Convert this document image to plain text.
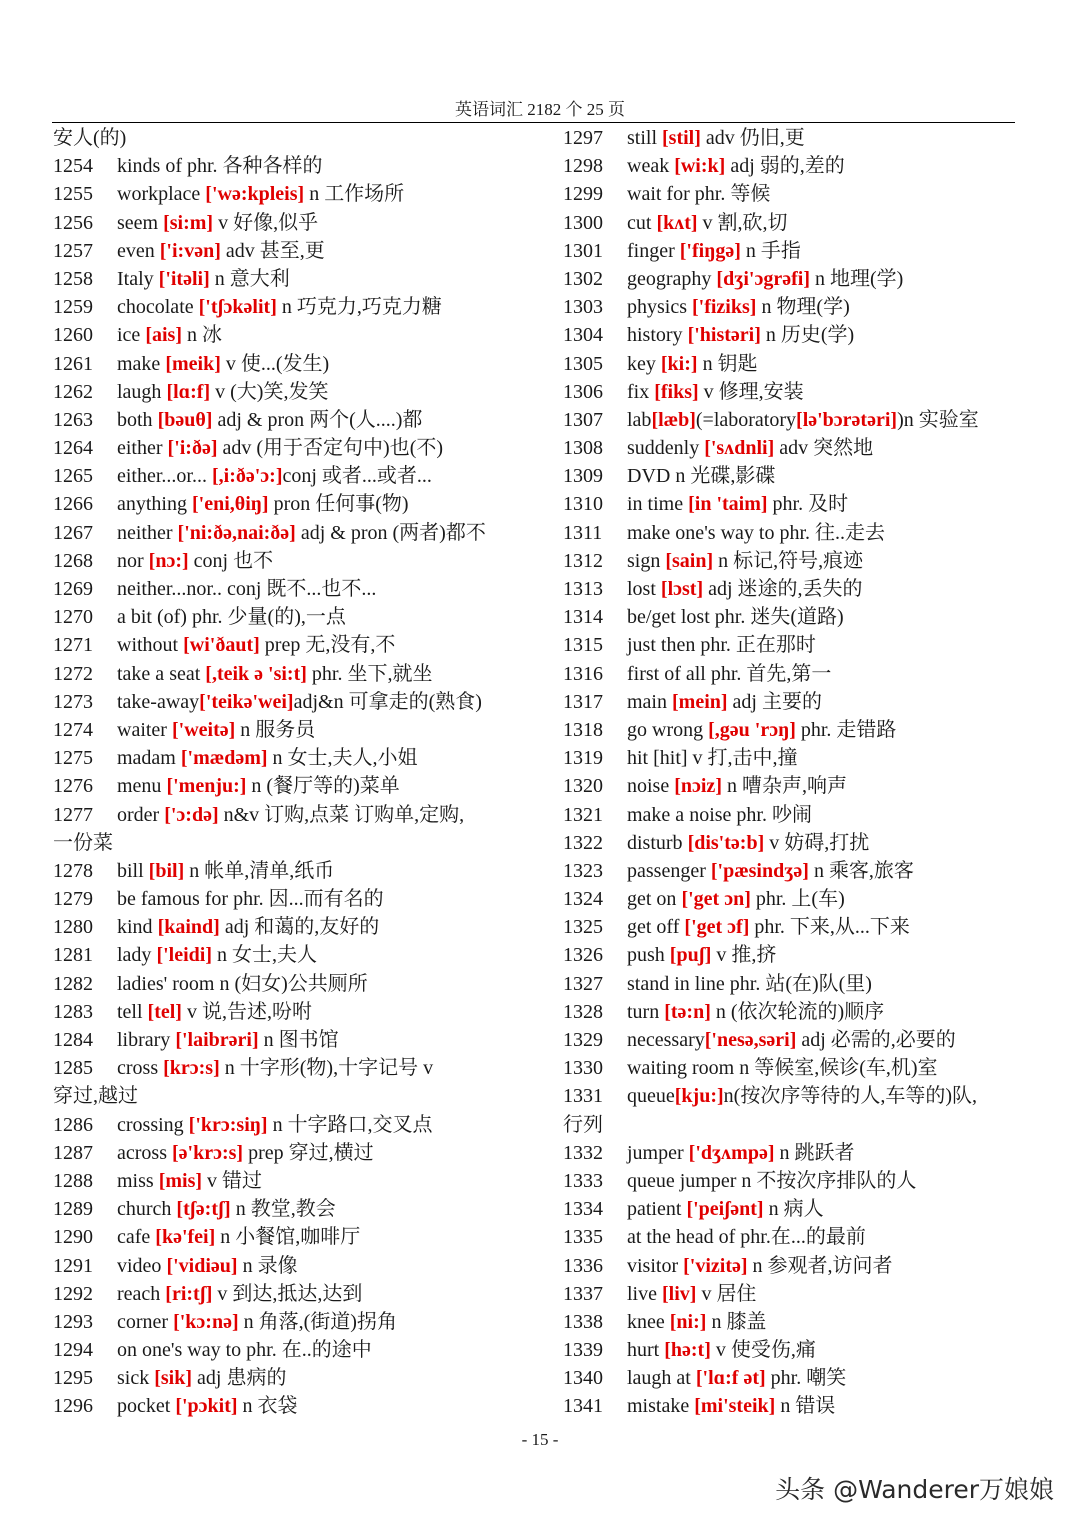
英语词汇 2182 个 25 页
安人(的)
1254 kinds of phr. 各种各样的
1255 workplace ['wə:kpleis] n 工作场所
1256 seem [si:m] v 好像,似乎
1257 even ['i:vən] adv 甚至,更
1258 Italy ['itəli] n 意大利
1259 chocolate ['tʃɔkəlit] n 巧克力,巧克力糖
1260 ice [ais] n 冰
1261 make [meik] v 使...(发生)
1262 laugh [lɑ:f] v (大)笑,发笑
1263 both [bəuθ] adj & pron 两个(人....)都
1264 either ['i:ðə] adv (用于否定句中)也(不)
1265 either...or... [,i:ðə'ɔ:]conj 或者...或者...
1266 anything ['eni,θiŋ] pron 任何事(物)
1267 neither ['ni:ðə,nai:ðə] adj & pron (两者)都不
1268 nor [nɔ:] conj 也不
1269 neither...nor.. conj 既不...也不...
1270 a bit (of) phr. 少量(的),一点
1271 without [wi'ðaut] prep 无,没有,不
1272 take a seat [,teik ə 'si:t] phr. 坐下,就坐
1273 take-away['teikə'wei]adj&n 可拿走的(熟食)
1274 waiter ['weitə] n 服务员
1275 madam ['mædəm] n 女士,夫人,小姐
1276 menu ['menju:] n (餐厅等的)菜单
1277 order ['ɔ:də] n&v 订购,点菜 订购单,定购,
一份菜
1278 bill [bil] n 帐单,清单,纸币
1279 be famous for phr. 因...而有名的
1280 kind [kaind] adj 和蔼的,友好的
1281 lady ['leidi] n 女士,夫人
1282 ladies' room n (妇女)公共厕所
1283 tell [tel] v 说,告述,吩咐
1284 library ['laibrəri] n 图书馆
1285 cross [krɔ:s] n 十字形(物),十字记号 v
穿过,越过
1286 crossing ['krɔ:siŋ] n 十字路口,交叉点
1287 across [ə'krɔ:s] prep 穿过,横过
1288 miss [mis] v 错过
1289 church [tʃə:tʃ] n 教堂,教会
1290 cafe [kə'fei] n 小餐馆,咖啡厅
1291 video ['vidiəu] n 录像
1292 reach [ri:tʃ] v 到达,抵达,达到
1293 corner ['kɔ:nə] n 角落,(街道)拐角
1294 on one's way to phr. 在..的途中
1295 sick [sik] adj 患病的
1296 pocket ['pɔkit] n 衣袋
1297 still [stil] adv 仍旧,更
1298 weak [wi:k] adj 弱的,差的
1299 wait for phr. 等候
1300 cut [kʌt] v 割,砍,切
1301 finger ['fiŋgə] n 手指
1302 geography [dʒi'ɔgrəfi] n 地理(学)
1303 physics ['fiziks] n 物理(学)
1304 history ['histəri] n 历史(学)
1305 key [ki:] n 钥匙
1306 fix [fiks] v 修理,安装
1307 lab[læb](=laboratory[lə'bɔrətəri])n 实验室
1308 suddenly ['sʌdnli] adv 突然地
1309 DVD n 光碟,影碟
1310 in time [in 'taim] phr. 及时
1311 make one's way to phr. 往..走去
1312 sign [sain] n 标记,符号,痕迹
1313 lost [lɔst] adj 迷途的,丢失的
1314 be/get lost phr. 迷失(道路)
1315 just then phr. 正在那时
1316 first of all phr. 首先,第一
1317 main [mein] adj 主要的
1318 go wrong [,gəu 'rɔŋ] phr. 走错路
1319 hit [hit] v 打,击中,撞
1320 noise [nɔiz] n 嘈杂声,响声
1321 make a noise phr. 吵闹
1322 disturb [dis'tə:b] v 妨碍,打扰
1323 passenger ['pæsindʒə] n 乘客,旅客
1324 get on ['get ɔn] phr. 上(车)
1325 get off ['get ɔf] phr. 下来,从...下来
1326 push [puʃ] v 推,挤
1327 stand in line phr. 站(在)队(里)
1328 turn [tə:n] n (依次轮流的)顺序
1329 necessary['nesə,səri] adj 必需的,必要的
1330 waiting room n 等候室,候诊(车,机)室
1331 queue[kju:]n(按次序等待的人,车等的)队,
行列
1332 jumper ['dʒʌmpə] n 跳跃者
1333 queue jumper n 不按次序排队的人
1334 patient ['peiʃənt] n 病人
1335 at the head of phr.在...的最前
1336 visitor ['vizitə] n 参观者,访问者
1337 live [liv] v 居住
1338 knee [ni:] n 膝盖
1339 hurt [hə:t] v 使受伤,痛
1340 laugh at ['lɑ:f ət] phr. 嘲笑
1341 mistake [mi'steik] n 错误
- 15 -
头条 @Wanderer万娘娘
